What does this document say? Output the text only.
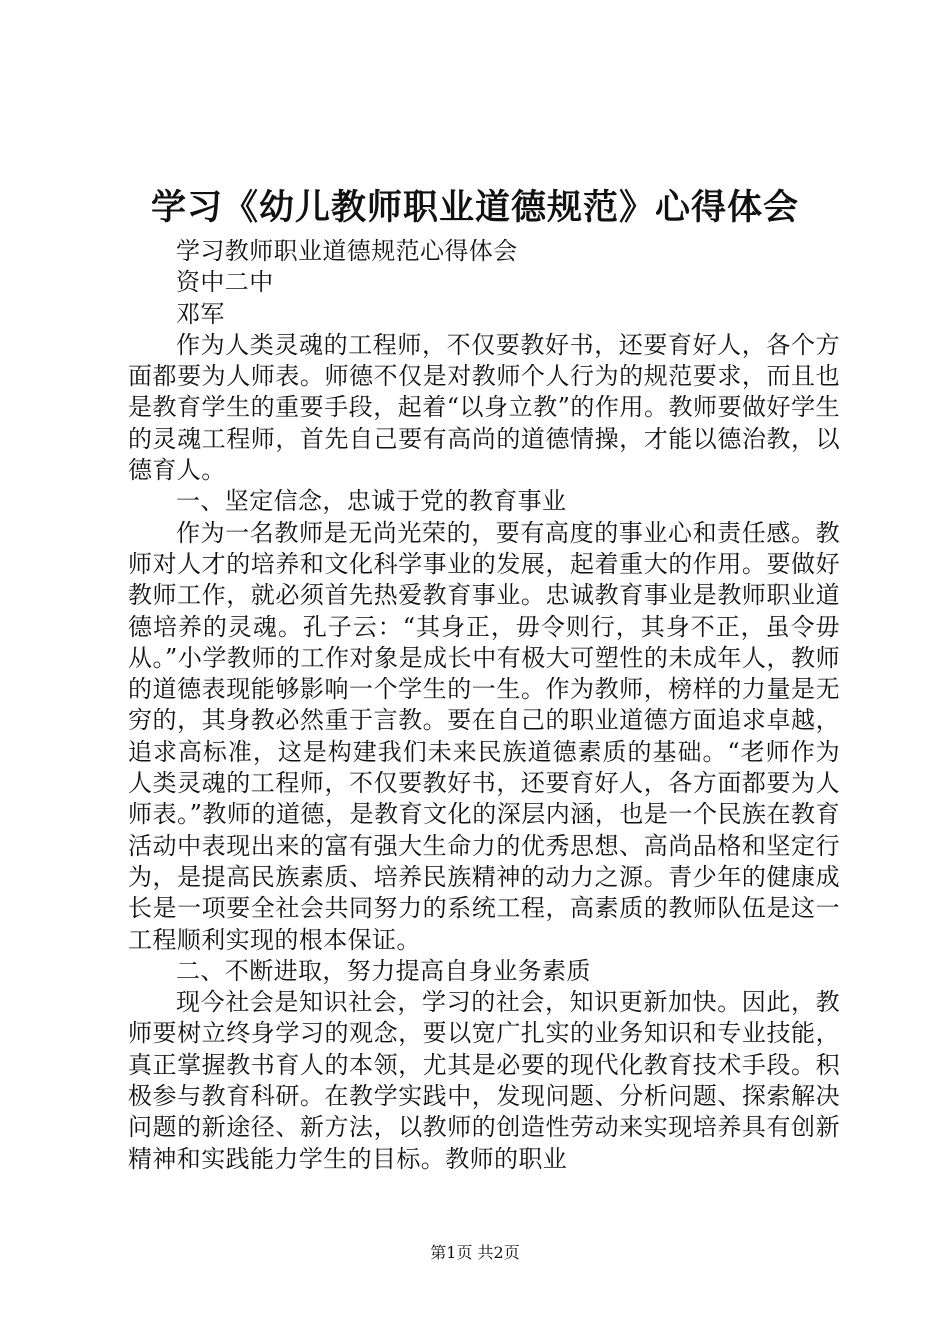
学习《幼儿教师职业道德规范》心得体会

学习教师职业道德规范心得体会

资中二中

邓军

作为人类灵魂的工程师，不仅要教好书，还要育好人，各个方面都要为人师表。师德不仅是对教师个人行为的规范要求，而且也是教育学生的重要手段，起着“以身立教”的作用。教师要做好学生的灵魂工程师，首先自己要有高尚的道德情操，才能以德治教，以德育人。

一、坚定信念，忠诚于党的教育事业

作为一名教师是无尚光荣的，要有高度的事业心和责任感。教师对人才的培养和文化科学事业的发展，起着重大的作用。要做好教师工作，就必须首先热爱教育事业。忠诚教育事业是教师职业道德培养的灵魂。孔子云：“其身正，毋令则行，其身不正，虽令毋从。”小学教师的工作对象是成长中有极大可塑性的未成年人，教师的道德表现能够影响一个学生的一生。作为教师，榜样的力量是无穷的，其身教必然重于言教。要在自己的职业道德方面追求卓越，追求高标准，这是构建我们未来民族道德素质的基础。“老师作为人类灵魂的工程师，不仅要教好书，还要育好人，各方面都要为人师表。”教师的道德，是教育文化的深层内涵，也是一个民族在教育活动中表现出来的富有强大生命力的优秀思想、高尚品格和坚定行为，是提高民族素质、培养民族精神的动力之源。青少年的健康成长是一项要全社会共同努力的系统工程，高素质的教师队伍是这一工程顺利实现的根本保证。

二、不断进取，努力提高自身业务素质

现今社会是知识社会，学习的社会，知识更新加快。因此，教师要树立终身学习的观念，要以宽广扎实的业务知识和专业技能，真正掌握教书育人的本领，尤其是必要的现代化教育技术手段。积极参与教育科研。在教学实践中，发现问题、分析问题、探索解决问题的新途径、新方法，以教师的创造性劳动来实现培养具有创新精神和实践能力学生的目标。教师的职业

第1页 共2页
